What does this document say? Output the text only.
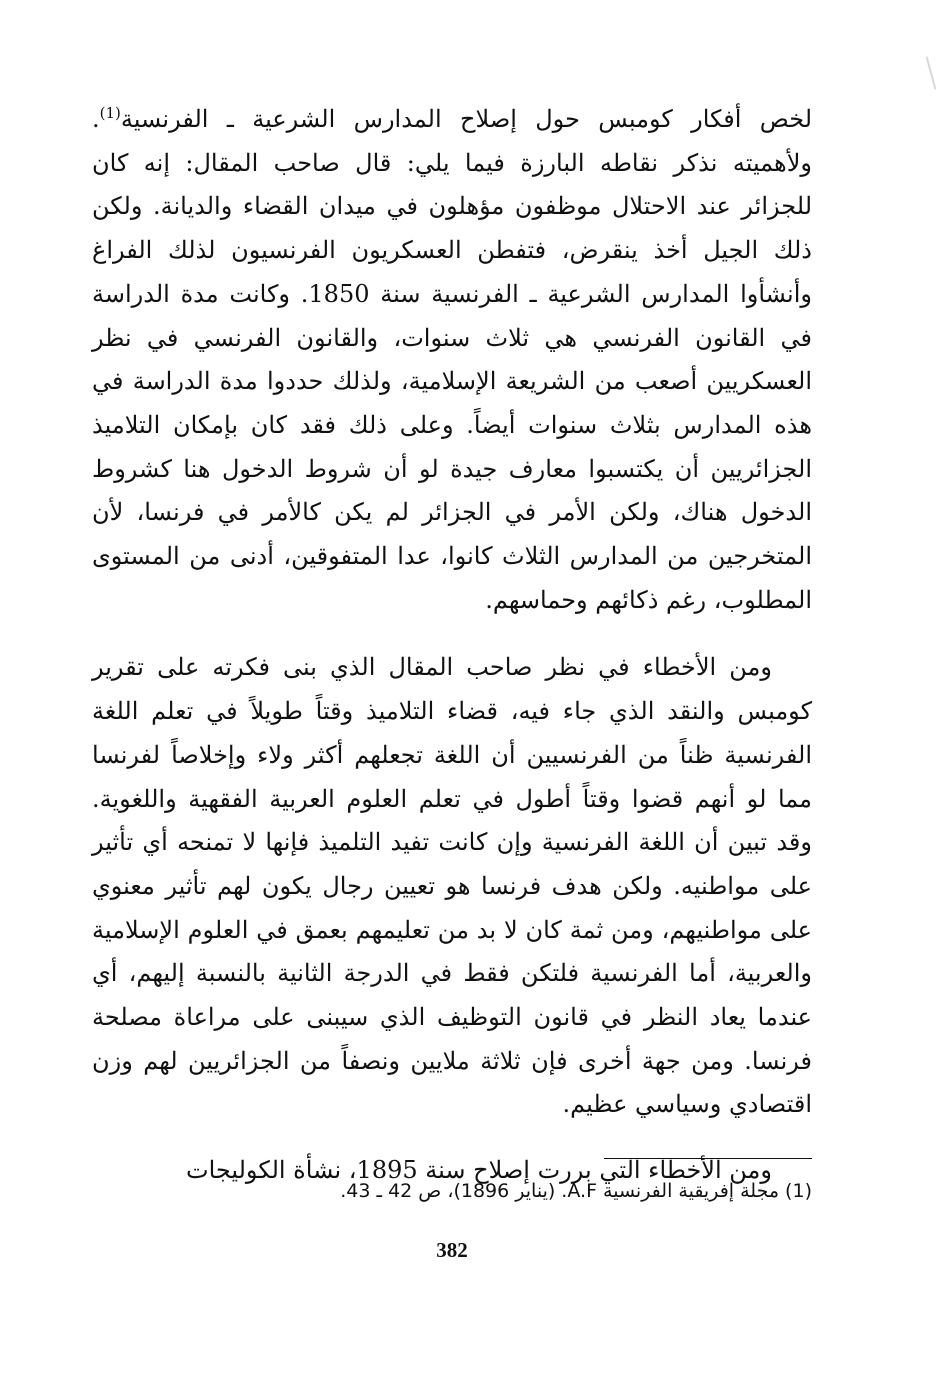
لخص أفكار كومبس حول إصلاح المدارس الشرعية ـ الفرنسية$^{(1)}$. ولأهميته نذكر نقاطه البارزة فيما يلي: قال صاحب المقال: إنه كان للجزائر عند الاحتلال موظفون مؤهلون في ميدان القضاء والديانة. ولكن ذلك الجيل أخذ ينقرض، فتفطن العسكريون الفرنسيون لذلك الفراغ وأنشأوا المدارس الشرعية ـ الفرنسية سنة 1850. وكانت مدة الدراسة في القانون الفرنسي هي ثلاث سنوات، والقانون الفرنسي في نظر العسكريين أصعب من الشريعة الإسلامية، ولذلك حددوا مدة الدراسة في هذه المدارس بثلاث سنوات أيضاً. وعلى ذلك فقد كان بإمكان التلاميذ الجزائريين أن يكتسبوا معارف جيدة لو أن شروط الدخول هنا كشروط الدخول هناك، ولكن الأمر في الجزائر لم يكن كالأمر في فرنسا، لأن المتخرجين من المدارس الثلاث كانوا، عدا المتفوقين، أدنى من المستوى المطلوب، رغم ذكائهم وحماسهم.

ومن الأخطاء في نظر صاحب المقال الذي بنى فكرته على تقرير كومبس والنقد الذي جاء فيه، قضاء التلاميذ وقتاً طويلاً في تعلم اللغة الفرنسية ظناً من الفرنسيين أن اللغة تجعلهم أكثر ولاء وإخلاصاً لفرنسا مما لو أنهم قضوا وقتاً أطول في تعلم العلوم العربية الفقهية واللغوية. وقد تبين أن اللغة الفرنسية وإن كانت تفيد التلميذ فإنها لا تمنحه أي تأثير على مواطنيه. ولكن هدف فرنسا هو تعيين رجال يكون لهم تأثير معنوي على مواطنيهم، ومن ثمة كان لا بد من تعليمهم بعمق في العلوم الإسلامية والعربية، أما الفرنسية فلتكن فقط في الدرجة الثانية بالنسبة إليهم، أي عندما يعاد النظر في قانون التوظيف الذي سيبنى على مراعاة مصلحة فرنسا. ومن جهة أخرى فإن ثلاثة ملايين ونصفاً من الجزائريين لهم وزن اقتصادي وسياسي عظيم.

ومن الأخطاء التي بررت إصلاح سنة 1895، نشأة الكوليجات

(1) مجلة إفريقية الفرنسية A.F. (يناير 1896)، ص 42 ـ 43.
382
